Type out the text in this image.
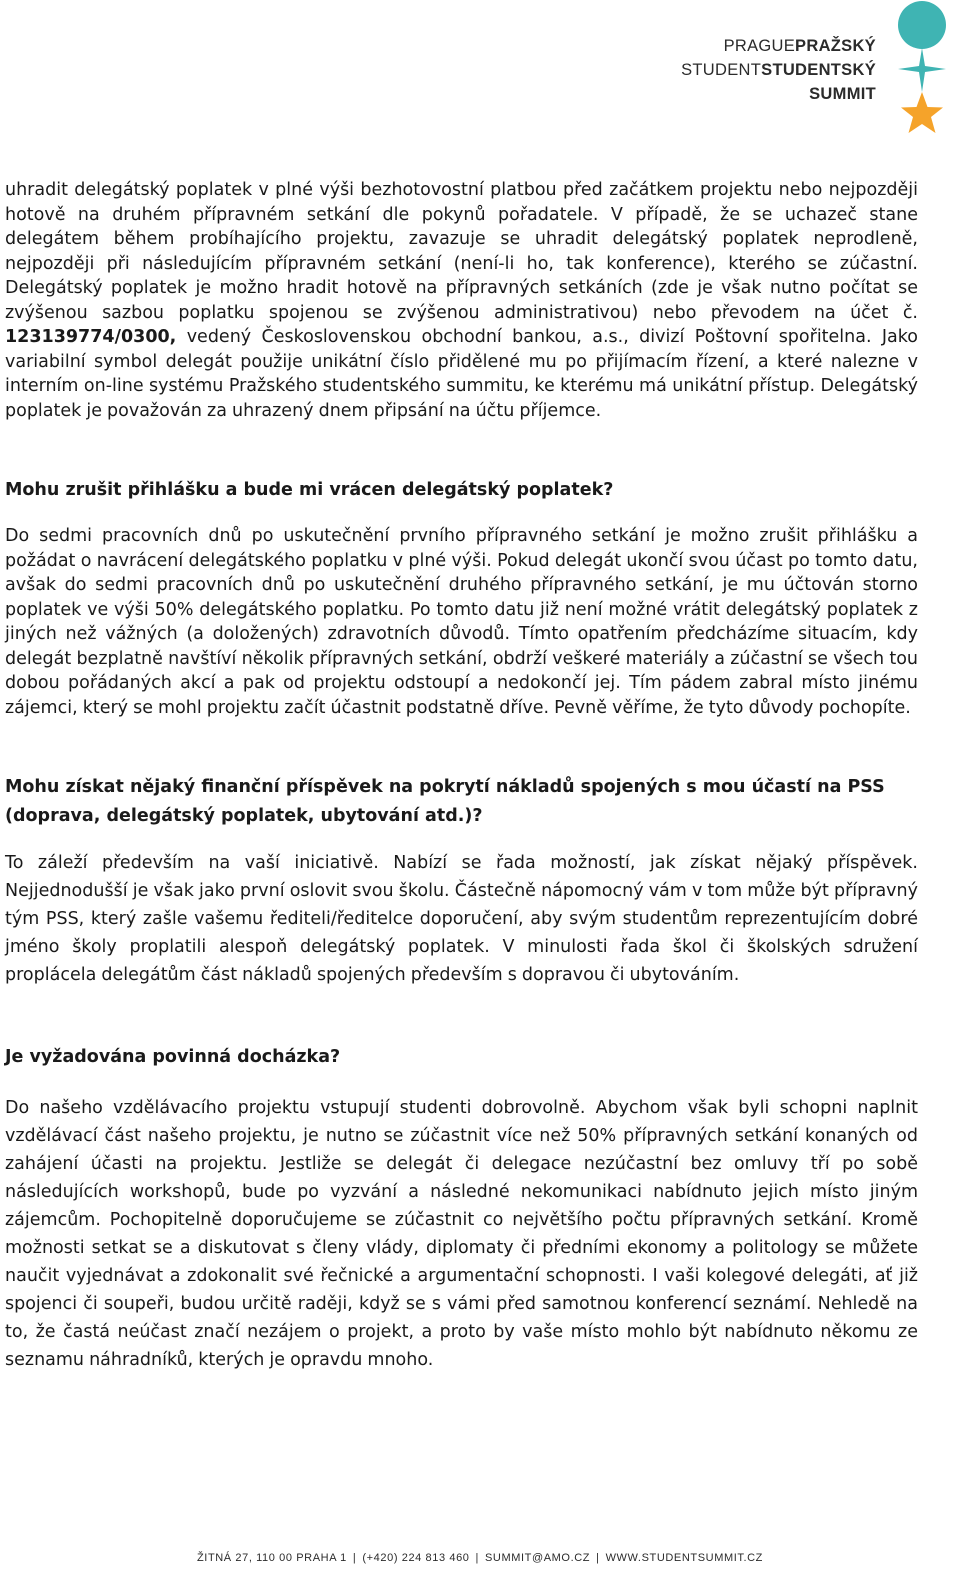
PRAGUEPRAŽSKÝ
STUDENTSTUDENTSKÝ
SUMMIT

uhradit delegátský poplatek v plné výši bezhotovostní platbou před začátkem projektu nebo nejpozději hotově na druhém přípravném setkání dle pokynů pořadatele. V případě, že se uchazeč stane delegátem během probíhajícího projektu, zavazuje se uhradit delegátský poplatek neprodleně, nejpozději při následujícím přípravném setkání (není-li ho, tak konference), kterého se zúčastní. Delegátský poplatek je možno hradit hotově na přípravných setkáních (zde je však nutno počítat se zvýšenou sazbou poplatku spojenou se zvýšenou administrativou) nebo převodem na účet č. 123139774/0300, vedený Československou obchodní bankou, a.s., divizí Poštovní spořitelna. Jako variabilní symbol delegát použije unikátní číslo přidělené mu po přijímacím řízení, a které nalezne v interním on-line systému Pražského studentského summitu, ke kterému má unikátní přístup. Delegátský poplatek je považován za uhrazený dnem připsání na účtu příjemce.

Mohu zrušit přihlášku a bude mi vrácen delegátský poplatek?

Do sedmi pracovních dnů po uskutečnění prvního přípravného setkání je možno zrušit přihlášku a požádat o navrácení delegátského poplatku v plné výši. Pokud delegát ukončí svou účast po tomto datu, avšak do sedmi pracovních dnů po uskutečnění druhého přípravného setkání, je mu účtován storno poplatek ve výši 50% delegátského poplatku. Po tomto datu již není možné vrátit delegátský poplatek z jiných než vážných (a doložených) zdravotních důvodů. Tímto opatřením předcházíme situacím, kdy delegát bezplatně navštíví několik přípravných setkání, obdrží veškeré materiály a zúčastní se všech tou dobou pořádaných akcí a pak od projektu odstoupí a nedokončí jej. Tím pádem zabral místo jinému zájemci, který se mohl projektu začít účastnit podstatně dříve. Pevně věříme, že tyto důvody pochopíte.

Mohu získat nějaký finanční příspěvek na pokrytí nákladů spojených s mou účastí na PSS (doprava, delegátský poplatek, ubytování atd.)?

To záleží především na vaší iniciativě. Nabízí se řada možností, jak získat nějaký příspěvek. Nejjednodušší je však jako první oslovit svou školu. Částečně nápomocný vám v tom může být přípravný tým PSS, který zašle vašemu řediteli/ředitelce doporučení, aby svým studentům reprezentujícím dobré jméno školy proplatili alespoň delegátský poplatek. V minulosti řada škol či školských sdružení proplácela delegátům část nákladů spojených především s dopravou či ubytováním.

Je vyžadována povinná docházka?

Do našeho vzdělávacího projektu vstupují studenti dobrovolně. Abychom však byli schopni naplnit vzdělávací část našeho projektu, je nutno se zúčastnit více než 50% přípravných setkání konaných od zahájení účasti na projektu. Jestliže se delegát či delegace nezúčastní bez omluvy tří po sobě následujících workshopů, bude po vyzvání a následné nekomunikaci nabídnuto jejich místo jiným zájemcům. Pochopitelně doporučujeme se zúčastnit co největšího počtu přípravných setkání. Kromě možnosti setkat se a diskutovat s členy vlády, diplomaty či předními ekonomy a politology se můžete naučit vyjednávat a zdokonalit své řečnické a argumentační schopnosti. I vaši kolegové delegáti, ať již spojenci či soupeři, budou určitě raději, když se s vámi před samotnou konferencí seznámí. Nehledě na to, že častá neúčast značí nezájem o projekt, a proto by vaše místo mohlo být nabídnuto někomu ze seznamu náhradníků, kterých je opravdu mnoho.

ŽITNÁ 27, 110 00 PRAHA 1 | (+420) 224 813 460 | SUMMIT@AMO.CZ | WWW.STUDENTSUMMIT.CZ
